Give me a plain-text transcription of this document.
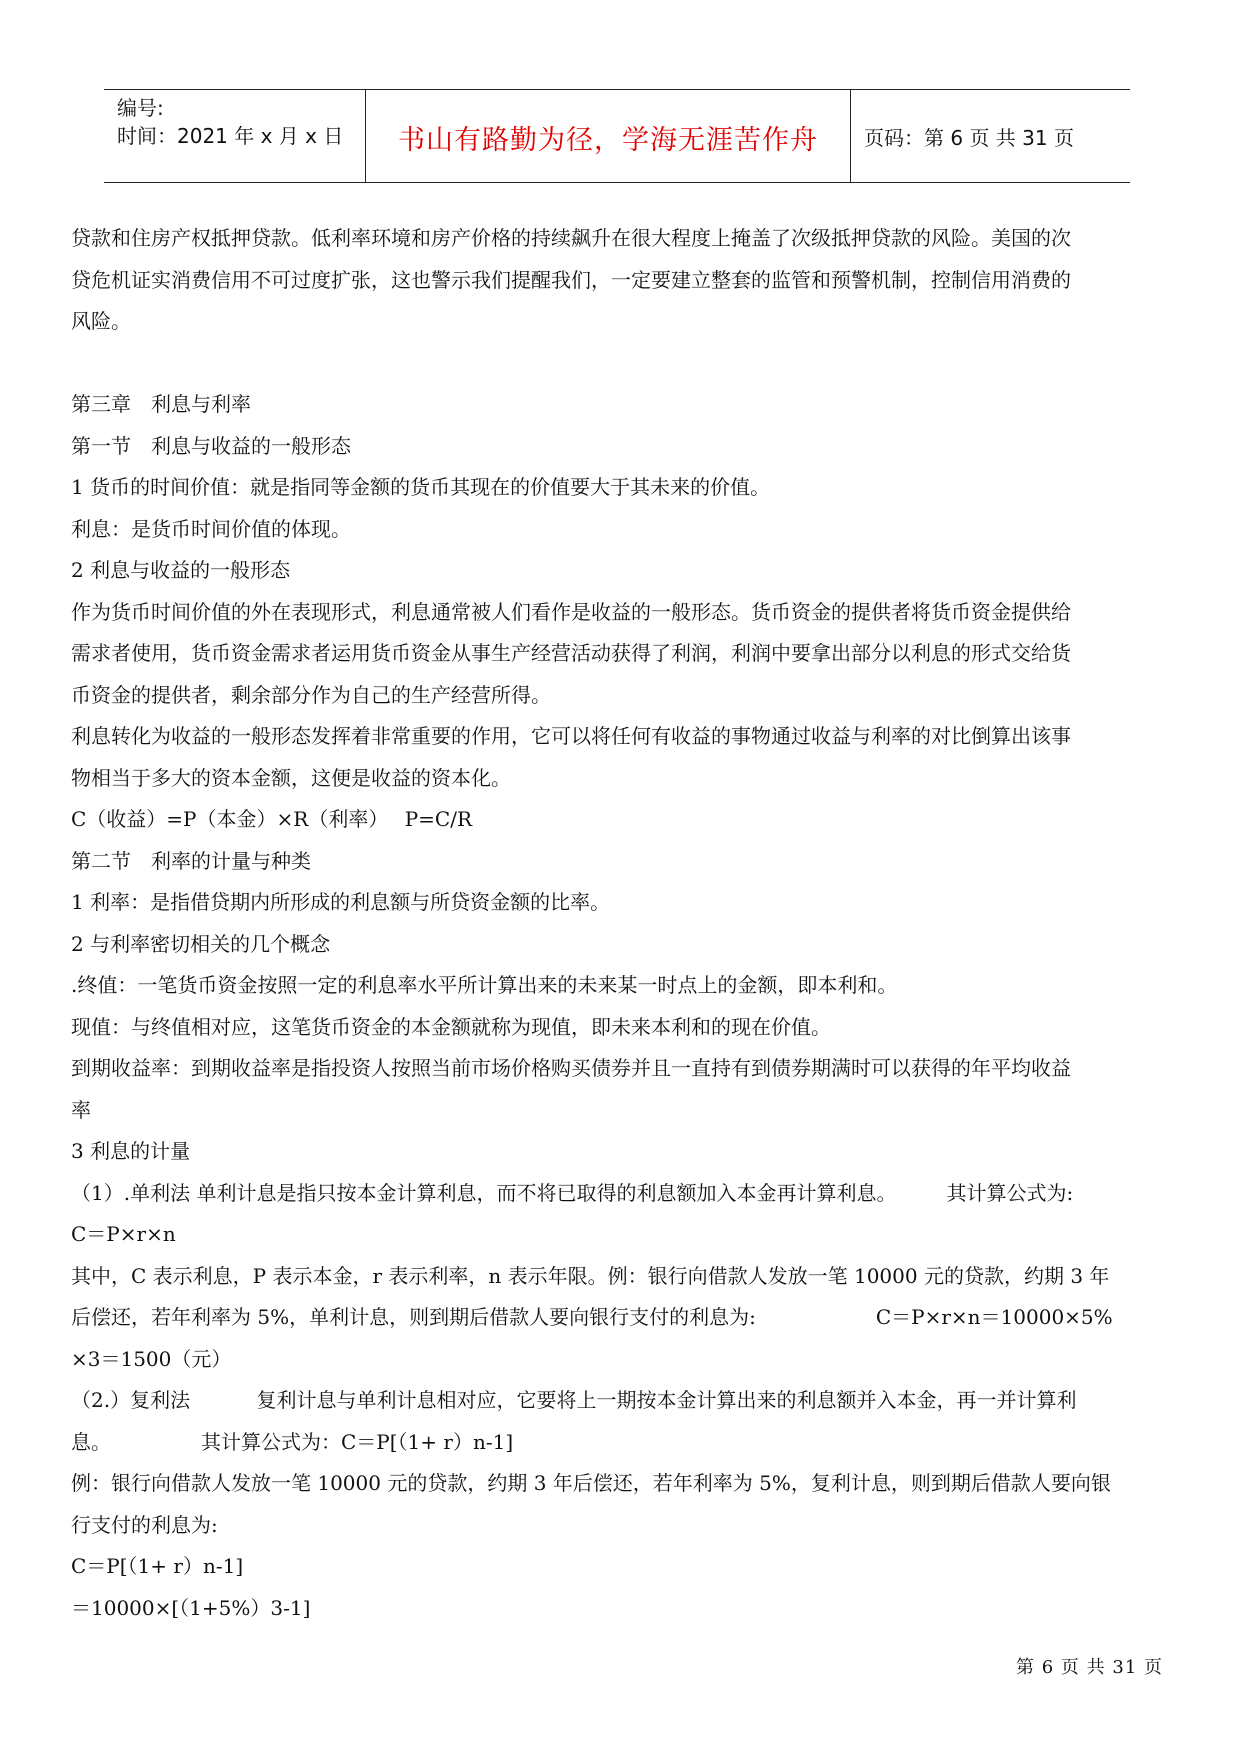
编号:
时间：2021 年 x 月 x 日	书山有路勤为径，学海无涯苦作舟	页码：第 6 页 共 31 页

贷款和住房产权抵押贷款。低利率环境和房产价格的持续飙升在很大程度上掩盖了次级抵押贷款的风险。美国的次

贷危机证实消费信用不可过度扩张，这也警示我们提醒我们，一定要建立整套的监管和预警机制，控制信用消费的

风险。

第三章　利息与利率

第一节　利息与收益的一般形态

1 货币的时间价值：就是指同等金额的货币其现在的价值要大于其未来的价值。

利息：是货币时间价值的体现。

2 利息与收益的一般形态

作为货币时间价值的外在表现形式，利息通常被人们看作是收益的一般形态。货币资金的提供者将货币资金提供给

需求者使用，货币资金需求者运用货币资金从事生产经营活动获得了利润，利润中要拿出部分以利息的形式交给货

币资金的提供者，剩余部分作为自己的生产经营所得。

利息转化为收益的一般形态发挥着非常重要的作用，它可以将任何有收益的事物通过收益与利率的对比倒算出该事

物相当于多大的资本金额，这便是收益的资本化。

C（收益）=P（本金）×R（利率）　 P=C/R

第二节　利率的计量与种类

1 利率：是指借贷期内所形成的利息额与所贷资金额的比率。

2 与利率密切相关的几个概念

.终值：一笔货币资金按照一定的利息率水平所计算出来的未来某一时点上的金额，即本利和。

现值：与终值相对应，这笔货币资金的本金额就称为现值，即未来本利和的现在价值。

到期收益率：到期收益率是指投资人按照当前市场价格购买债券并且一直持有到债券期满时可以获得的年平均收益

率

3 利息的计量

（1）.单利法 单利计息是指只按本金计算利息，而不将已取得的利息额加入本金再计算利息。　　　其计算公式为:

C＝P×r×n

其中，C 表示利息，P 表示本金，r 表示利率，n 表示年限。例：银行向借款人发放一笔 10000 元的贷款，约期 3 年

后偿还，若年利率为 5%，单利计息，则到期后借款人要向银行支付的利息为:　　　　　　C＝P×r×n＝10000×5%

×3＝1500（元）

（2.）复利法　　　 复利计息与单利计息相对应，它要将上一期按本金计算出来的利息额并入本金，再一并计算利

息。　　　　　其计算公式为：C＝P[（1+ r）n-1]

例：银行向借款人发放一笔 10000 元的贷款，约期 3 年后偿还，若年利率为 5%，复利计息，则到期后借款人要向银

行支付的利息为:

C＝P[（1+ r）n-1]

＝10000×[（1+5%）3-1]

第 6 页 共 31 页
